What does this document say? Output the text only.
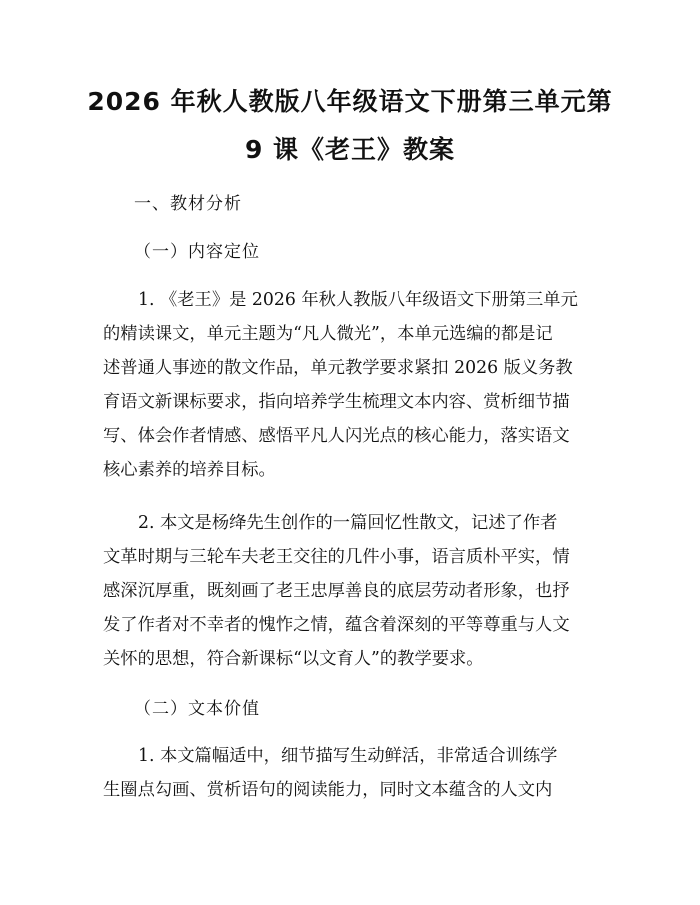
2026 年秋人教版八年级语文下册第三单元第
9 课《老王》教案
一、教材分析
（一）内容定位
1. 《老王》是 2026 年秋人教版八年级语文下册第三单元
的精读课文，单元主题为“凡人微光”，本单元选编的都是记
述普通人事迹的散文作品，单元教学要求紧扣 2026 版义务教
育语文新课标要求，指向培养学生梳理文本内容、赏析细节描
写、体会作者情感、感悟平凡人闪光点的核心能力，落实语文
核心素养的培养目标。
2. 本文是杨绛先生创作的一篇回忆性散文，记述了作者
文革时期与三轮车夫老王交往的几件小事，语言质朴平实，情
感深沉厚重，既刻画了老王忠厚善良的底层劳动者形象，也抒
发了作者对不幸者的愧怍之情，蕴含着深刻的平等尊重与人文
关怀的思想，符合新课标“以文育人”的教学要求。
（二）文本价值
1. 本文篇幅适中，细节描写生动鲜活，非常适合训练学
生圈点勾画、赏析语句的阅读能力，同时文本蕴含的人文内
